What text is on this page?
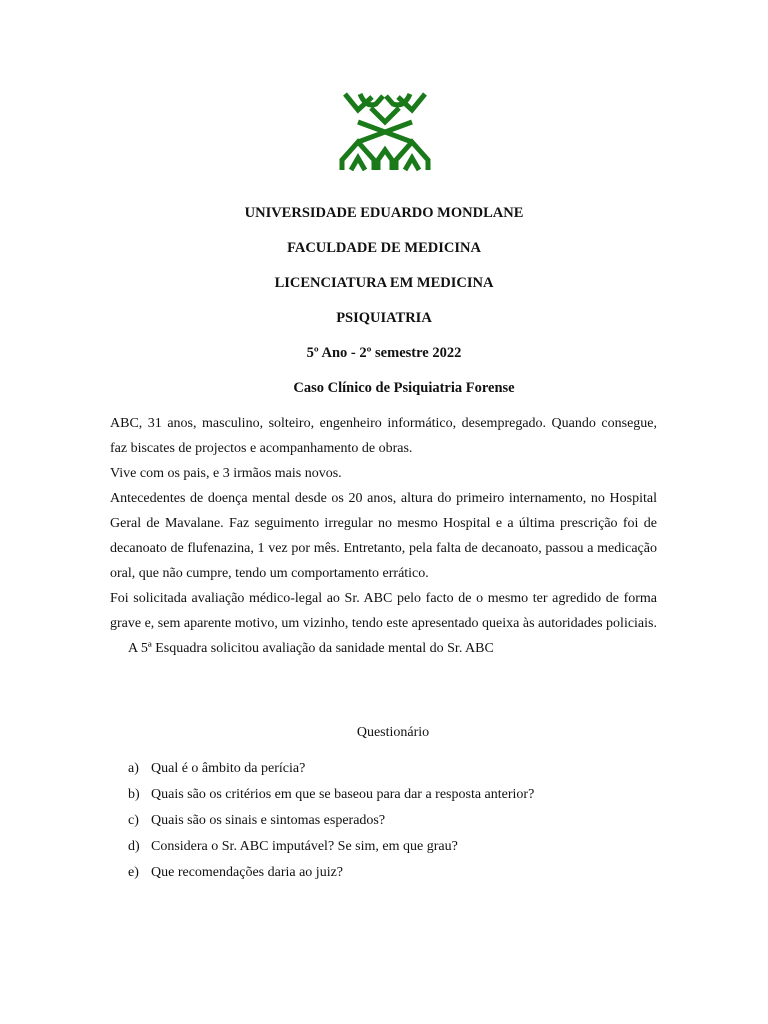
UNIVERSIDADE EDUARDO MONDLANE

FACULDADE DE MEDICINA

LICENCIATURA EM MEDICINA

PSIQUIATRIA

5º Ano - 2º semestre 2022

Caso Clínico de Psiquiatria Forense

ABC, 31 anos, masculino, solteiro, engenheiro informático, desempregado. Quando consegue, faz biscates de projectos e acompanhamento de obras.

Vive com os pais, e 3 irmãos mais novos.

Antecedentes de doença mental desde os 20 anos, altura do primeiro internamento, no Hospital Geral de Mavalane. Faz seguimento irregular no mesmo Hospital e a última prescrição foi de decanoato de flufenazina, 1 vez por mês. Entretanto, pela falta de decanoato, passou a medicação oral, que não cumpre, tendo um comportamento errático.

Foi solicitada avaliação médico-legal ao Sr. ABC pelo facto de o mesmo ter agredido de forma grave e, sem aparente motivo, um vizinho, tendo este apresentado queixa às autoridades policiais.

A 5ª Esquadra solicitou avaliação da sanidade mental do Sr. ABC

Questionário
a) Qual é o âmbito da perícia?
b) Quais são os critérios em que se baseou para dar a resposta anterior?
c) Quais são os sinais e sintomas esperados?
d) Considera o Sr. ABC imputável? Se sim, em que grau?
e) Que recomendações daria ao juiz?
